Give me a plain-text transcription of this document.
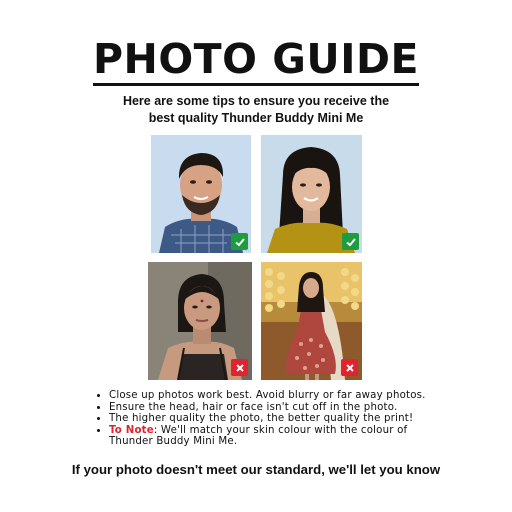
PHOTO GUIDE
Here are some tips to ensure you receive the
best quality Thunder Buddy Mini Me
• Close up photos work best. Avoid blurry or far away photos.
• Ensure the head, hair or face isn't cut off in the photo.
• The higher quality the photo, the better quality the print!
• To Note: We'll match your skin colour with the colour of Thunder Buddy Mini Me.
If your photo doesn't meet our standard, we'll let you know
